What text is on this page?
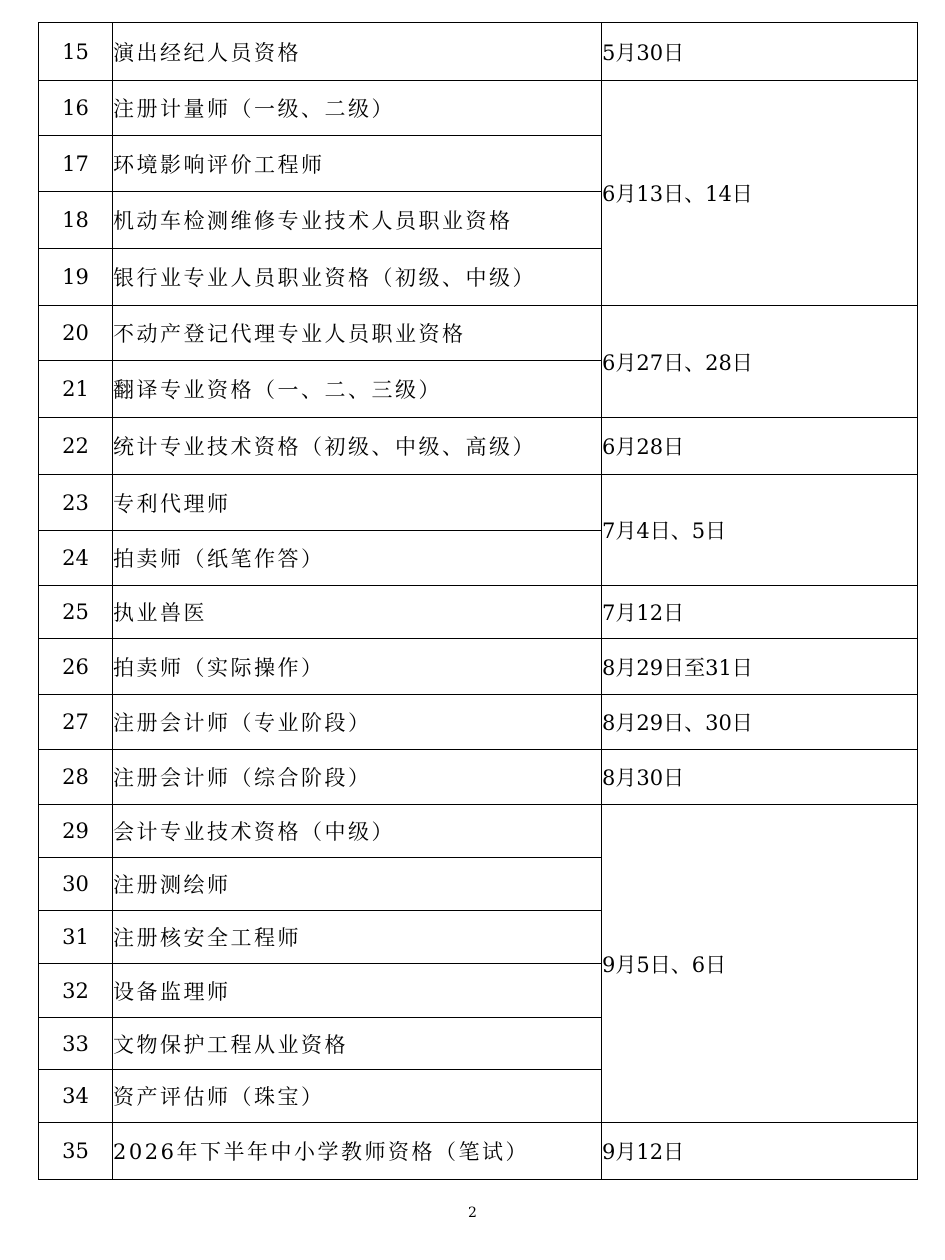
15	演出经纪人员资格	5月30日
16	注册计量师（一级、二级）	6月13日、14日
17	环境影响评价工程师	
18	机动车检测维修专业技术人员职业资格	
19	银行业专业人员职业资格（初级、中级）	
20	不动产登记代理专业人员职业资格	6月27日、28日
21	翻译专业资格（一、二、三级）	
22	统计专业技术资格（初级、中级、高级）	6月28日
23	专利代理师	7月4日、5日
24	拍卖师（纸笔作答）	
25	执业兽医	7月12日
26	拍卖师（实际操作）	8月29日至31日
27	注册会计师（专业阶段）	8月29日、30日
28	注册会计师（综合阶段）	8月30日
29	会计专业技术资格（中级）	9月5日、6日
30	注册测绘师	
31	注册核安全工程师	
32	设备监理师	
33	文物保护工程从业资格	
34	资产评估师（珠宝）	
35	2026年下半年中小学教师资格（笔试）	9月12日
2
